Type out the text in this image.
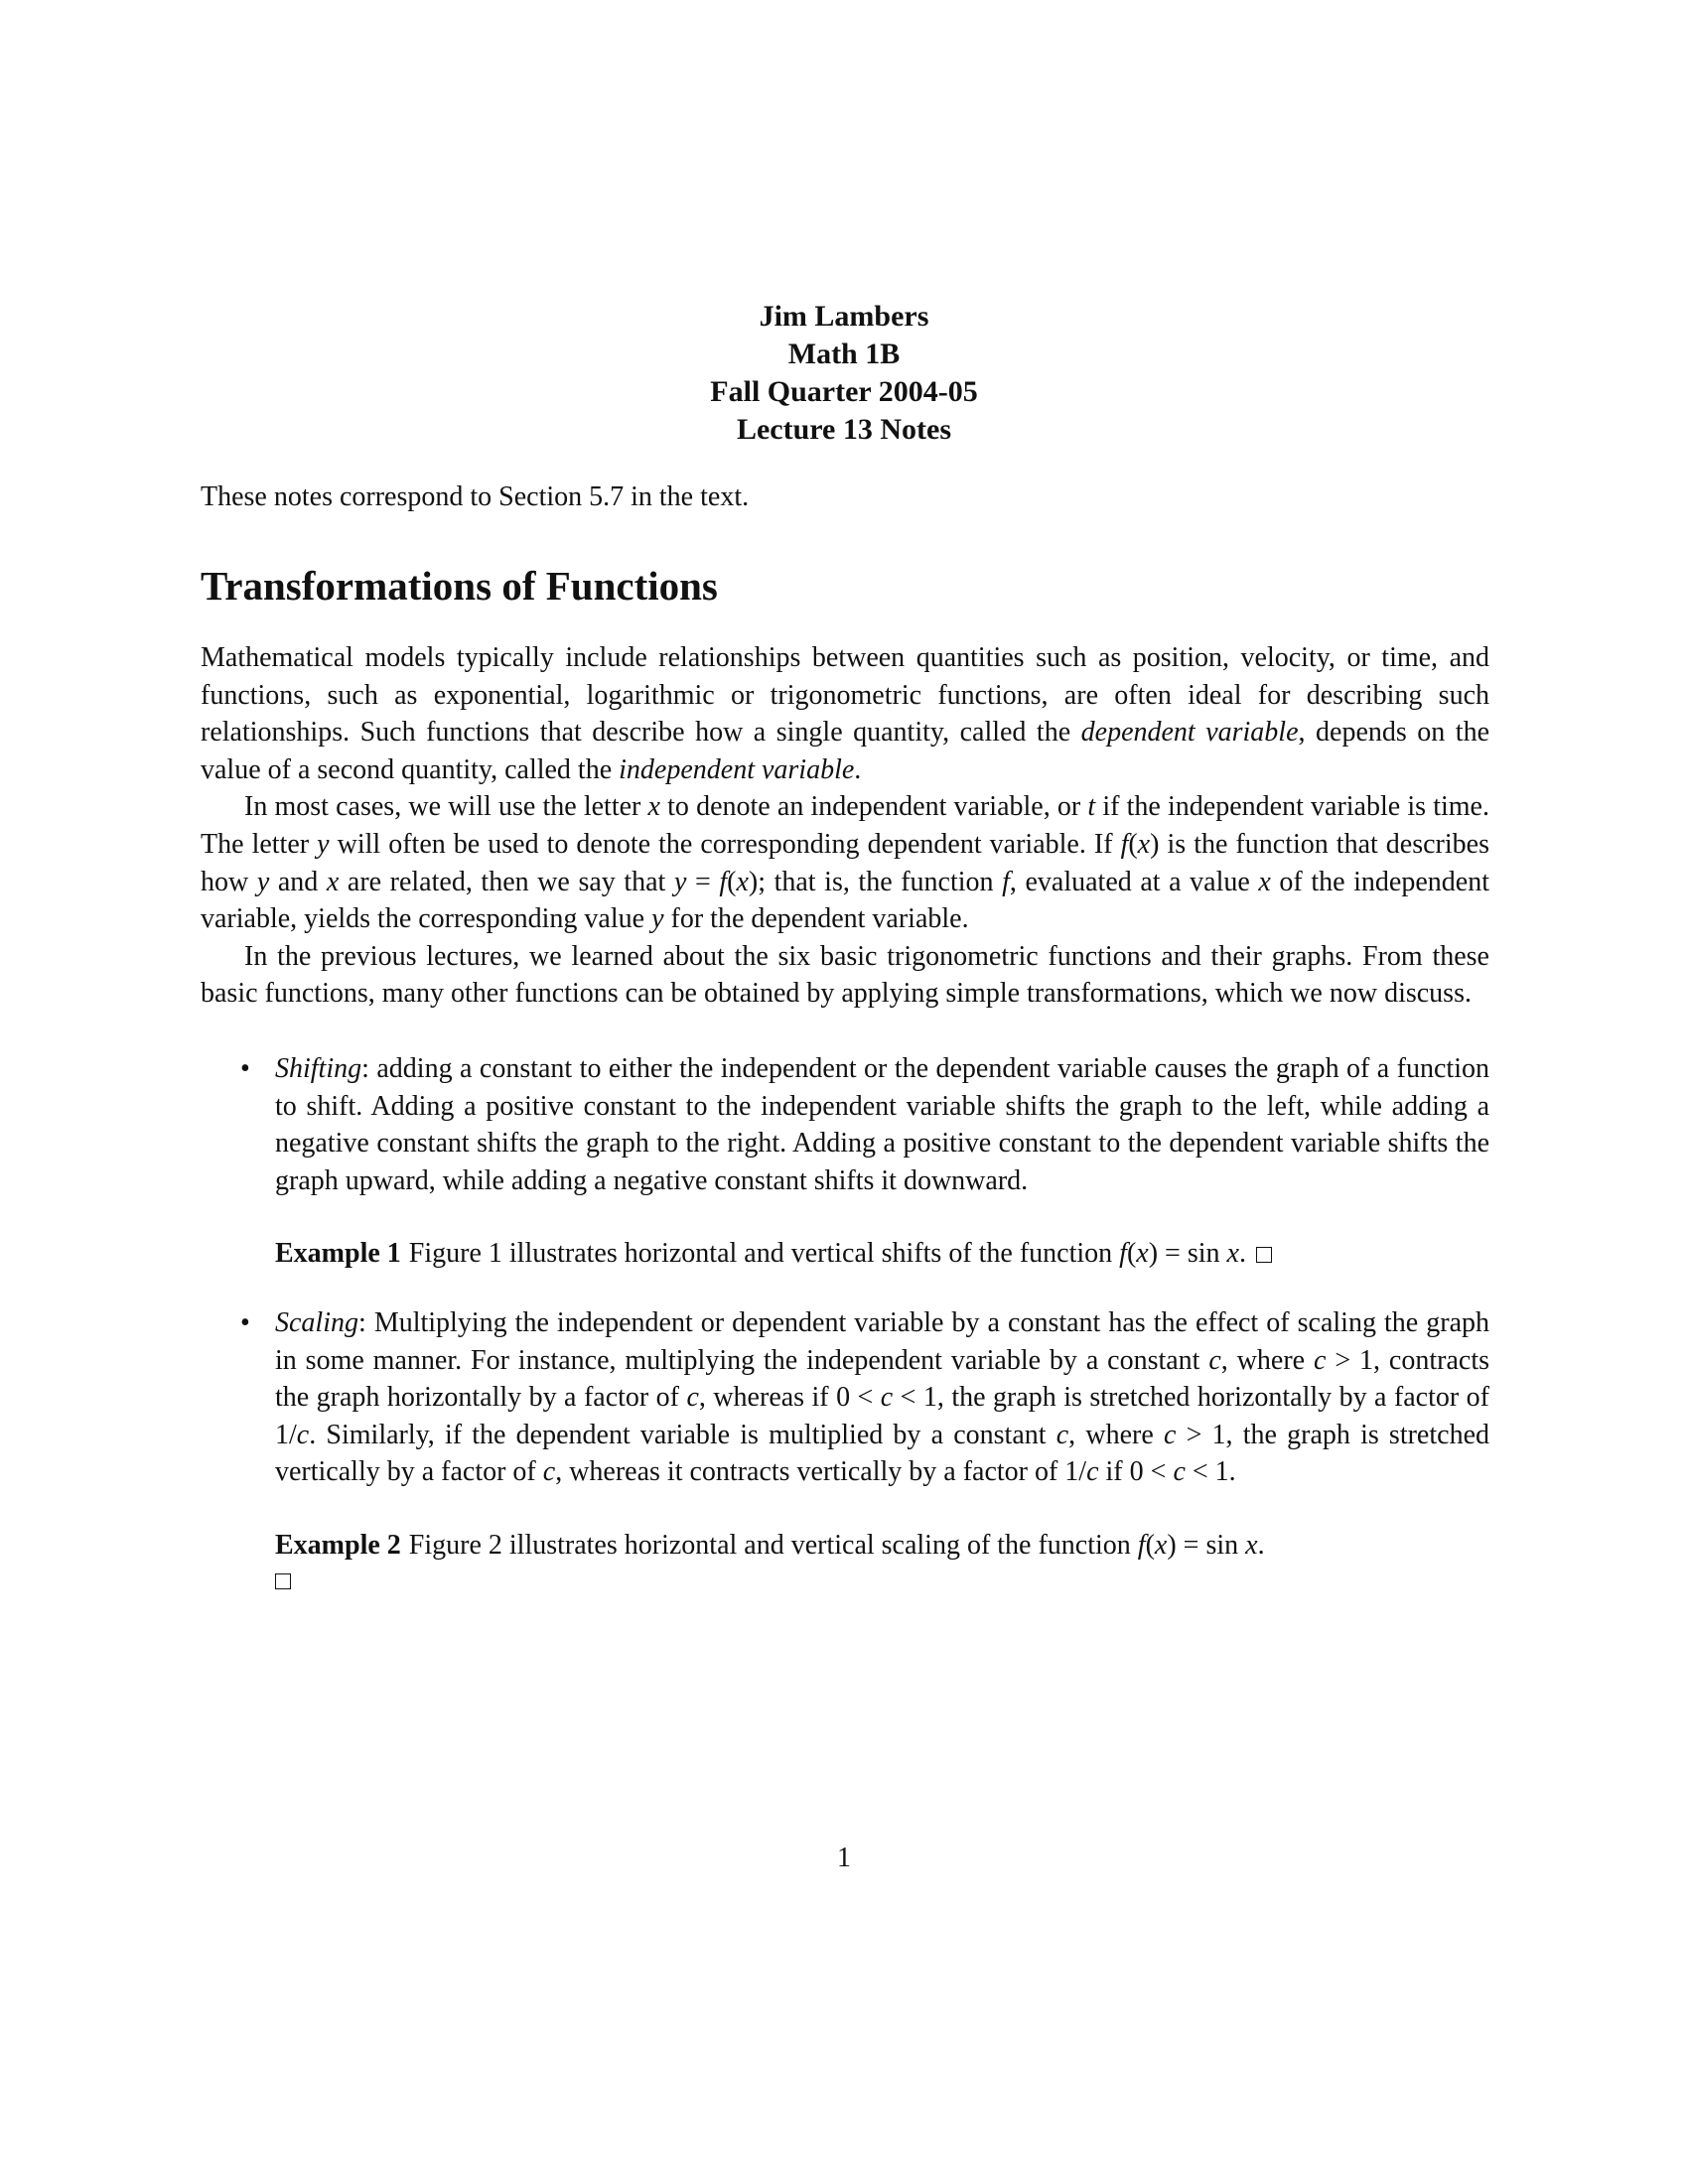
Jim Lambers
Math 1B
Fall Quarter 2004-05
Lecture 13 Notes
These notes correspond to Section 5.7 in the text.
Transformations of Functions

Mathematical models typically include relationships between quantities such as position, velocity, or time, and functions, such as exponential, logarithmic or trigonometric functions, are often ideal for describing such relationships. Such functions that describe how a single quantity, called the dependent variable, depends on the value of a second quantity, called the independent variable.

In most cases, we will use the letter x to denote an independent variable, or t if the independent variable is time. The letter y will often be used to denote the corresponding dependent variable. If f(x) is the function that describes how y and x are related, then we say that y = f(x); that is, the function f, evaluated at a value x of the independent variable, yields the corresponding value y for the dependent variable.

In the previous lectures, we learned about the six basic trigonometric functions and their graphs. From these basic functions, many other functions can be obtained by applying simple transformations, which we now discuss.

• Shifting: adding a constant to either the independent or the dependent variable causes the graph of a function to shift. Adding a positive constant to the independent variable shifts the graph to the left, while adding a negative constant shifts the graph to the right. Adding a positive constant to the dependent variable shifts the graph upward, while adding a negative constant shifts it downward.
Example 1 Figure 1 illustrates horizontal and vertical shifts of the function f(x) = sin x.
• Scaling: Multiplying the independent or dependent variable by a constant has the effect of scaling the graph in some manner. For instance, multiplying the independent variable by a constant c, where c > 1, contracts the graph horizontally by a factor of c, whereas if 0 < c < 1, the graph is stretched horizontally by a factor of 1/c. Similarly, if the dependent variable is multiplied by a constant c, where c > 1, the graph is stretched vertically by a factor of c, whereas it contracts vertically by a factor of 1/c if 0 < c < 1.
Example 2 Figure 2 illustrates horizontal and vertical scaling of the function f(x) = sin x.
1
